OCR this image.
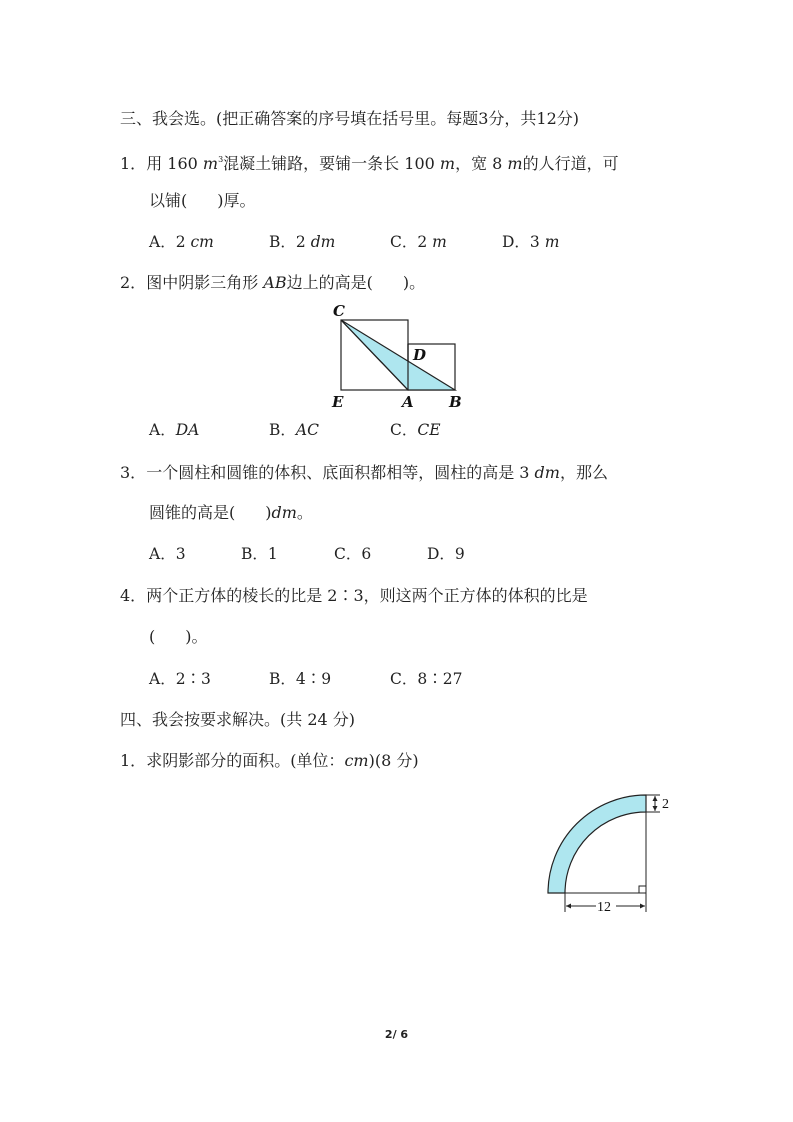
三、我会选。(把正确答案的序号填在括号里。每题3分，共12分)
1．用 160 $m^3$混凝土铺路，要铺一条长 100 m，宽 8 m的人行道，可
以铺( )厚。
A．2 cm	B．2 dm	C．2 m	D．3 m
2．图中阴影三角形 AB边上的高是( )。
C
D
E	A B
A．DA	B．AC	C．CE
3．一个圆柱和圆锥的体积、底面积都相等，圆柱的高是 3 dm，那么
圆锥的高是( )dm。
A．3	B．1	C．6	D．9
4．两个正方体的棱长的比是 2∶3，则这两个正方体的体积的比是
( )。
A．2∶3	B．4∶9	C．8∶27
四、我会按要求解决。(共 24 分)
1．求阴影部分的面积。(单位：cm)(8 分)
2
12
2/ 6
